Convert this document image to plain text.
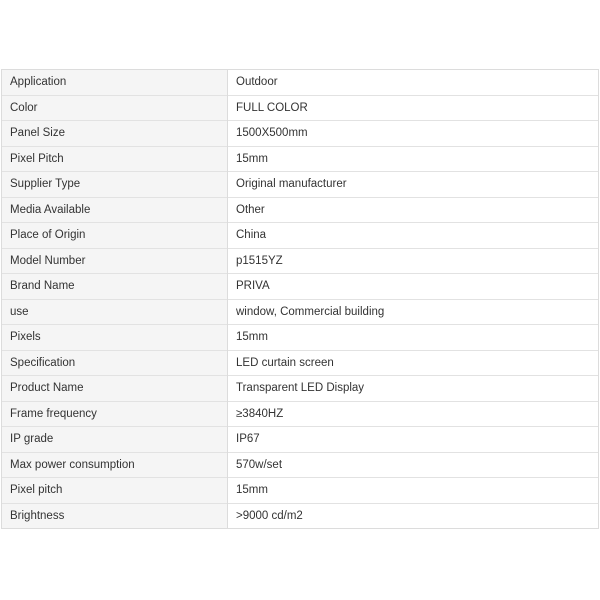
Application	Outdoor
Color	FULL COLOR
Panel Size	1500X500mm
Pixel Pitch	15mm
Supplier Type	Original manufacturer
Media Available	Other
Place of Origin	China
Model Number	p1515YZ
Brand Name	PRIVA
use	window, Commercial building
Pixels	15mm
Specification	LED curtain screen
Product Name	Transparent LED Display
Frame frequency	≥3840HZ
IP grade	IP67
Max power consumption	570w/set
Pixel pitch	15mm
Brightness	>9000 cd/m2
